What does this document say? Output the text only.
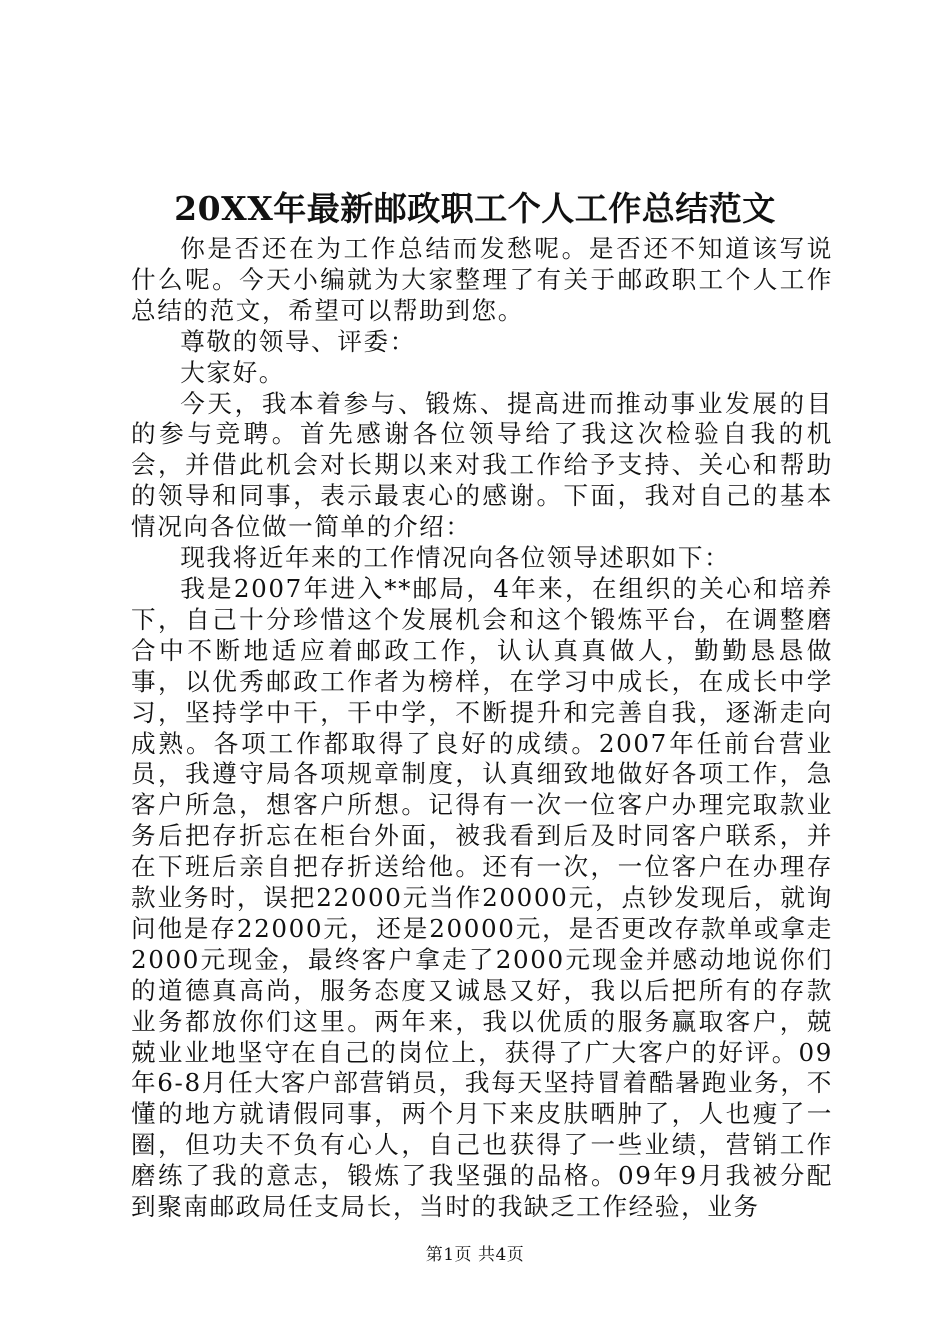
20XX年最新邮政职工个人工作总结范文

你是否还在为工作总结而发愁呢。是否还不知道该写说什么呢。今天小编就为大家整理了有关于邮政职工个人工作总结的范文，希望可以帮助到您。

尊敬的领导、评委：

大家好。

今天，我本着参与、锻炼、提高进而推动事业发展的目的参与竞聘。首先感谢各位领导给了我这次检验自我的机会，并借此机会对长期以来对我工作给予支持、关心和帮助的领导和同事，表示最衷心的感谢。下面，我对自己的基本情况向各位做一简单的介绍：

现我将近年来的工作情况向各位领导述职如下：

我是2007年进入**邮局，4年来，在组织的关心和培养下，自己十分珍惜这个发展机会和这个锻炼平台，在调整磨合中不断地适应着邮政工作，认认真真做人，勤勤恳恳做事，以优秀邮政工作者为榜样，在学习中成长，在成长中学习，坚持学中干，干中学，不断提升和完善自我，逐渐走向成熟。各项工作都取得了良好的成绩。2007年任前台营业员，我遵守局各项规章制度，认真细致地做好各项工作，急客户所急，想客户所想。记得有一次一位客户办理完取款业务后把存折忘在柜台外面，被我看到后及时同客户联系，并在下班后亲自把存折送给他。还有一次，一位客户在办理存款业务时，误把22000元当作20000元，点钞发现后，就询问他是存22000元，还是20000元，是否更改存款单或拿走2000元现金，最终客户拿走了2000元现金并感动地说你们的道德真高尚，服务态度又诚恳又好，我以后把所有的存款业务都放你们这里。两年来，我以优质的服务赢取客户，兢兢业业地坚守在自己的岗位上，获得了广大客户的好评。09年6-8月任大客户部营销员，我每天坚持冒着酷暑跑业务，不懂的地方就请假同事，两个月下来皮肤晒肿了，人也瘦了一圈，但功夫不负有心人，自己也获得了一些业绩，营销工作磨练了我的意志，锻炼了我坚强的品格。09年9月我被分配到聚南邮政局任支局长，当时的我缺乏工作经验，业务

第1页 共4页
